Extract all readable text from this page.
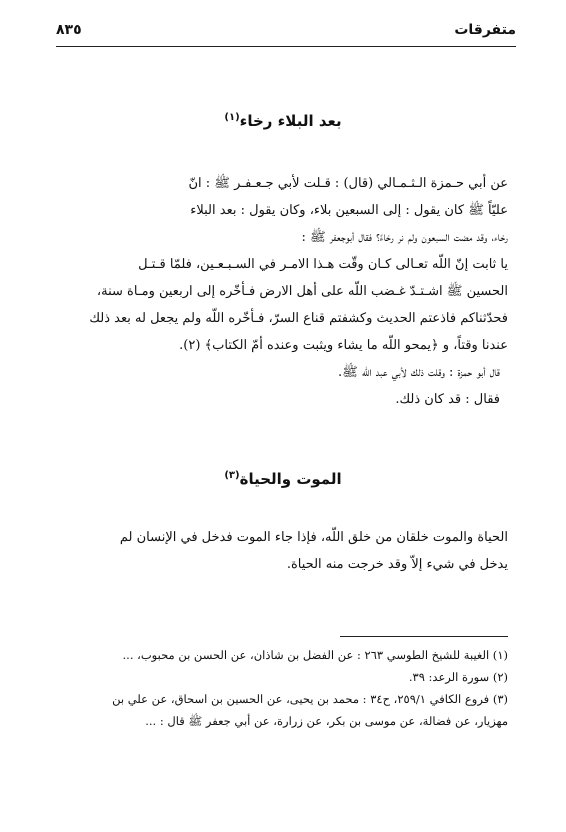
متفرقات
٨٣٥
بعد البلاء رخاء$^{(١)}$
عن أبي حـمزة الـثـمـالي (قال) : قـلت لأبي جـعـفـر ﷺ : انّ
عليّاً ﷺ كان يقول : إلى السبعين بلاء، وكان يقول : بعد البلاء
رخاء، وقد مضت السبعون ولم نر رخاءً؟ فقال أبوجعفر ﷺ :
يا ثابت إنّ اللّه تعـالى كـان وقّت هـذا الامـر في السـبـعـين، فلمّا قـتـل
الحسين ﷺ اشـتـدّ غـضب اللّه على أهل الارض فـأخّره إلى اربعين ومـاة سنة،
فحدّثناكم فاذعتم الحديث وكشفتم قناع السرّ، فـأخّره اللّه ولم يجعل له بعد ذلك
عندنا وقتاً، و ﴿يمحو اللّه ما يشاء ويثبت وعنده أمّ الكتاب﴾ (٢).
قال أبو حمزة : وقلت ذلك لأبي عبد اللّه ﷺ.
فقال : قد كان ذلك.
الموت والحياة$^{(٣)}$
الحياة والموت خلقان من خلق اللّه، فإذا جاء الموت فدخل في الإنسان لم
يدخل في شيء إلاّ وقد خرجت منه الحياة.
(١) الغيبة للشيخ الطوسي ٢٦٣ : عن الفضل بن شاذان، عن الحسن بن محبوب، ...
(٢) سورة الرعد: ٣٩.
(٣) فروع الكافي ٢٥٩/١، ح٣٤ : محمد بن يحيى، عن الحسين بن اسحاق، عن علي بن
مهزيار، عن فضالة، عن موسى بن بكر، عن زرارة، عن أبي جعفر ﷺ قال : ...
